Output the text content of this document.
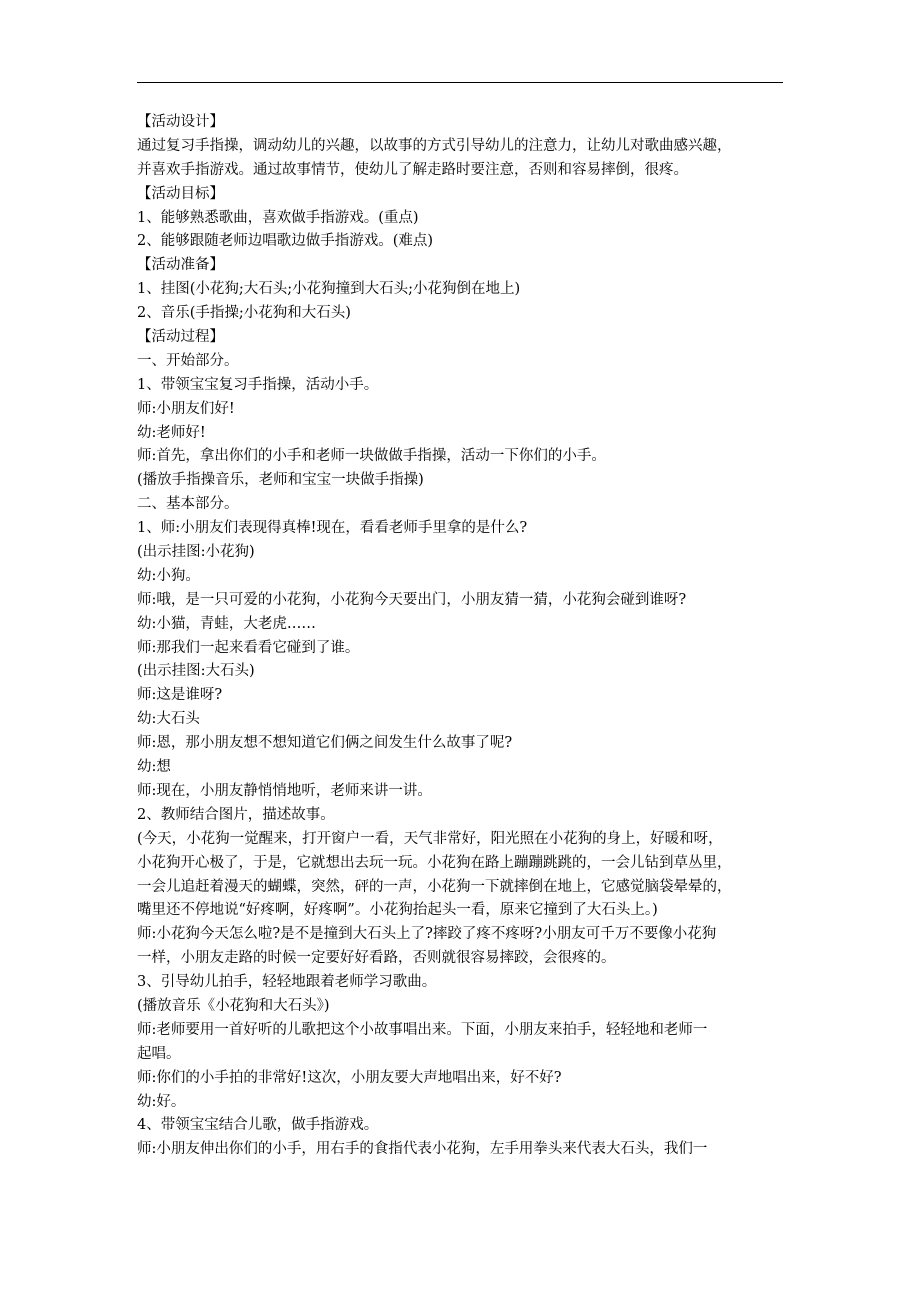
【活动设计】
通过复习手指操，调动幼儿的兴趣，以故事的方式引导幼儿的注意力，让幼儿对歌曲感兴趣，
并喜欢手指游戏。通过故事情节，使幼儿了解走路时要注意，否则和容易摔倒，很疼。
【活动目标】
1、能够熟悉歌曲，喜欢做手指游戏。(重点)
2、能够跟随老师边唱歌边做手指游戏。(难点)
【活动准备】
1、挂图(小花狗;大石头;小花狗撞到大石头;小花狗倒在地上)
2、音乐(手指操;小花狗和大石头)
【活动过程】
一、开始部分。
1、带领宝宝复习手指操，活动小手。
师:小朋友们好!
幼:老师好!
师:首先，拿出你们的小手和老师一块做做手指操，活动一下你们的小手。
(播放手指操音乐，老师和宝宝一块做手指操)
二、基本部分。
1、师:小朋友们表现得真棒!现在，看看老师手里拿的是什么?
(出示挂图:小花狗)
幼:小狗。
师:哦，是一只可爱的小花狗，小花狗今天要出门，小朋友猜一猜，小花狗会碰到谁呀?
幼:小猫，青蛙，大老虎……
师:那我们一起来看看它碰到了谁。
(出示挂图:大石头)
师:这是谁呀?
幼:大石头
师:恩，那小朋友想不想知道它们俩之间发生什么故事了呢?
幼:想
师:现在，小朋友静悄悄地听，老师来讲一讲。
2、教师结合图片，描述故事。
(今天，小花狗一觉醒来，打开窗户一看，天气非常好，阳光照在小花狗的身上，好暖和呀，
小花狗开心极了，于是，它就想出去玩一玩。小花狗在路上蹦蹦跳跳的，一会儿钻到草丛里，
一会儿追赶着漫天的蝴蝶，突然，砰的一声，小花狗一下就摔倒在地上，它感觉脑袋晕晕的，
嘴里还不停地说“好疼啊，好疼啊”。小花狗抬起头一看，原来它撞到了大石头上。)
师:小花狗今天怎么啦?是不是撞到大石头上了?摔跤了疼不疼呀?小朋友可千万不要像小花狗
一样，小朋友走路的时候一定要好好看路，否则就很容易摔跤，会很疼的。
3、引导幼儿拍手，轻轻地跟着老师学习歌曲。
(播放音乐《小花狗和大石头》)
师:老师要用一首好听的儿歌把这个小故事唱出来。下面，小朋友来拍手，轻轻地和老师一
起唱。
师:你们的小手拍的非常好!这次，小朋友要大声地唱出来，好不好?
幼:好。
4、带领宝宝结合儿歌，做手指游戏。
师:小朋友伸出你们的小手，用右手的食指代表小花狗，左手用拳头来代表大石头，我们一
